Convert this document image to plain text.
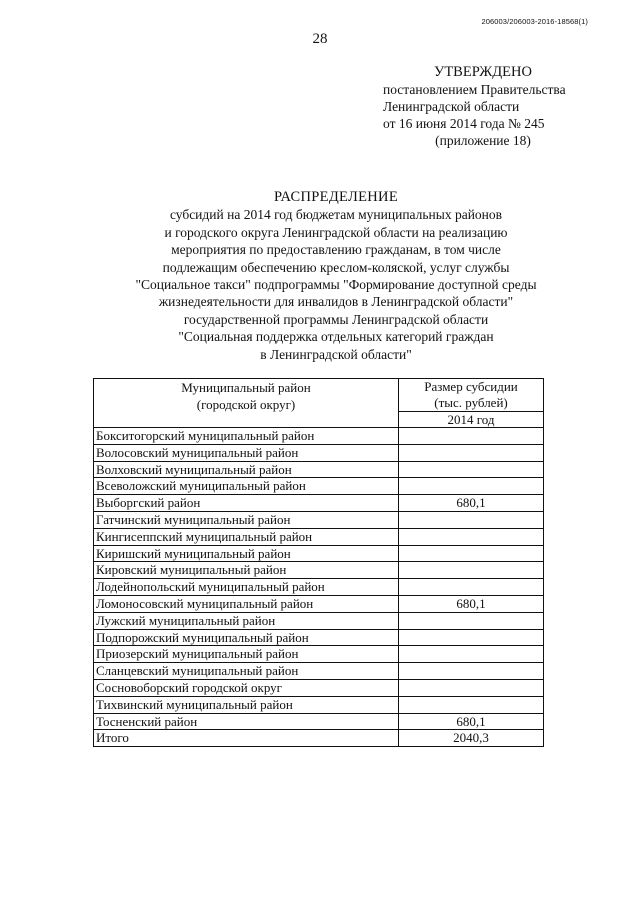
206003/206003-2016-18568(1)
28
УТВЕРЖДЕНО
постановлением Правительства
Ленинградской области
от 16 июня 2014 года № 245
(приложение 18)
РАСПРЕДЕЛЕНИЕ
субсидий на 2014 год бюджетам муниципальных районов
и городского округа Ленинградской области на реализацию
мероприятия по предоставлению гражданам, в том числе
подлежащим обеспечению креслом-коляской, услуг службы
"Социальное такси" подпрограммы "Формирование доступной среды
жизнедеятельности для инвалидов в Ленинградской области"
государственной программы Ленинградской области
"Социальная поддержка отдельных категорий граждан
в Ленинградской области"
Муниципальный район
(городской округ)	Размер субсидии
(тыс. рублей)
	2014 год
Бокситогорский муниципальный район	
Волосовский муниципальный район	
Волховский муниципальный район	
Всеволожский муниципальный район	
Выборгский район	680,1
Гатчинский муниципальный район	
Кингисеппский муниципальный район	
Киришский муниципальный район	
Кировский муниципальный район	
Лодейнопольский муниципальный район	
Ломоносовский муниципальный район	680,1
Лужский муниципальный район	
Подпорожский муниципальный район	
Приозерский муниципальный район	
Сланцевский муниципальный район	
Сосновоборский городской округ	
Тихвинский муниципальный район	
Тосненский район	680,1
Итого	2040,3
